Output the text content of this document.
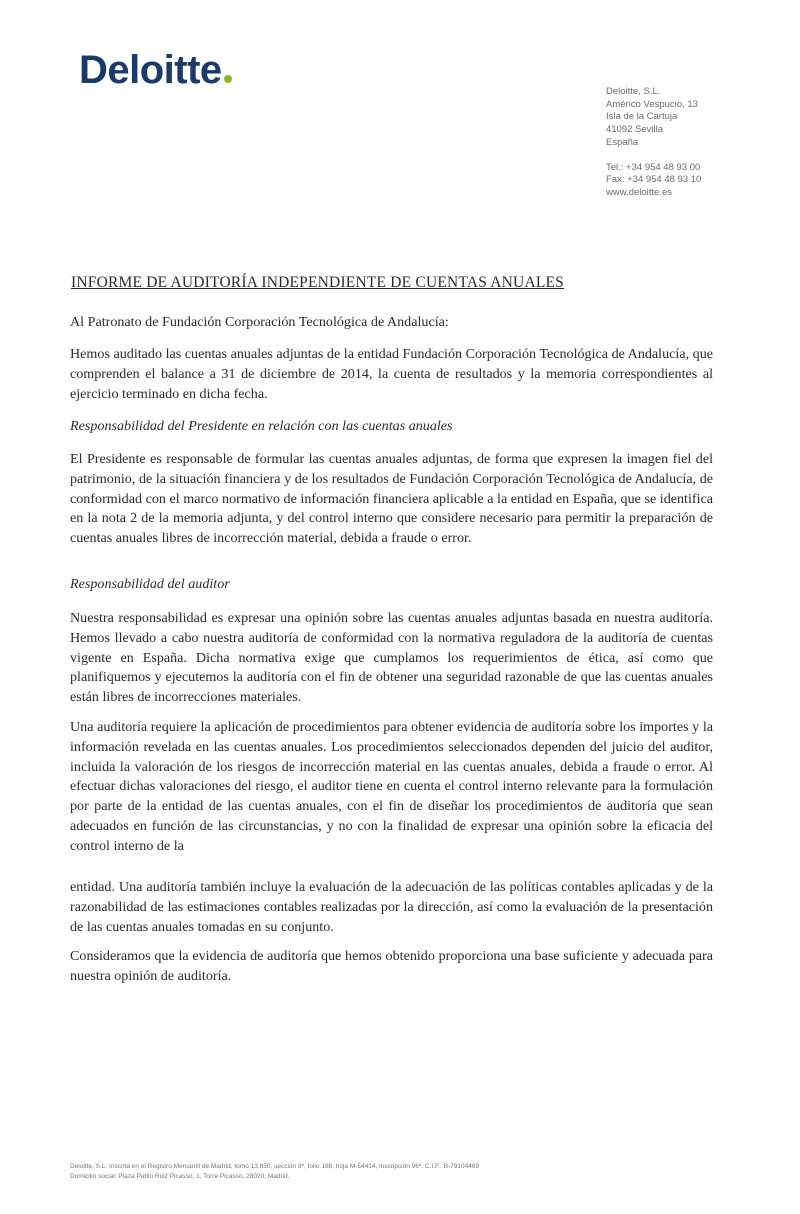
Deloitte	Deloitte, S.L.
Américo Vespucio, 13
Isla de la Cartuja
41092 Sevilla
España
Tel.: +34 954 48 93 00
Fax: +34 954 48 93 10
www.deloitte.es
INFORME DE AUDITORÍA INDEPENDIENTE DE CUENTAS ANUALES

Al Patronato de Fundación Corporación Tecnológica de Andalucía:

Hemos auditado las cuentas anuales adjuntas de la entidad Fundación Corporación Tecnológica de Andalucía, que comprenden el balance a 31 de diciembre de 2014, la cuenta de resultados y la memoria correspondientes al ejercicio terminado en dicha fecha.

Responsabilidad del Presidente en relación con las cuentas anuales

El Presidente es responsable de formular las cuentas anuales adjuntas, de forma que expresen la imagen fiel del patrimonio, de la situación financiera y de los resultados de Fundación Corporación Tecnológica de Andalucía, de conformidad con el marco normativo de información financiera aplicable a la entidad en España, que se identifica en la nota 2 de la memoria adjunta, y del control interno que considere necesario para permitir la preparación de cuentas anuales libres de incorrección material, debida a fraude o error.

Responsabilidad del auditor

Nuestra responsabilidad es expresar una opinión sobre las cuentas anuales adjuntas basada en nuestra auditoría. Hemos llevado a cabo nuestra auditoría de conformidad con la normativa reguladora de la auditoría de cuentas vigente en España. Dicha normativa exige que cumplamos los requerimientos de ética, así como que planifiquemos y ejecutemos la auditoría con el fin de obtener una seguridad razonable de que las cuentas anuales están libres de incorrecciones materiales.

Una auditoría requiere la aplicación de procedimientos para obtener evidencia de auditoría sobre los importes y la información revelada en las cuentas anuales. Los procedimientos seleccionados dependen del juicio del auditor, incluida la valoración de los riesgos de incorrección material en las cuentas anuales, debida a fraude o error. Al efectuar dichas valoraciones del riesgo, el auditor tiene en cuenta el control interno relevante para la formulación por parte de la entidad de las cuentas anuales, con el fin de diseñar los procedimientos de auditoría que sean adecuados en función de las circunstancias, y no con la finalidad de expresar una opinión sobre la eficacia del control interno de la

entidad. Una auditoría también incluye la evaluación de la adecuación de las políticas contables aplicadas y de la razonabilidad de las estimaciones contables realizadas por la dirección, así como la evaluación de la presentación de las cuentas anuales tomadas en su conjunto.

Consideramos que la evidencia de auditoría que hemos obtenido proporciona una base suficiente y adecuada para nuestra opinión de auditoría.

Deloitte, S.L. Inscrita en el Registro Mercantil de Madrid, tomo 13.650, sección 8ª, folio 188, hoja M-54414, inscripción 96ª. C.I.F.: B-79104469
Domicilio social: Plaza Pablo Ruiz Picasso, 1, Torre Picasso, 28020, Madrid.
